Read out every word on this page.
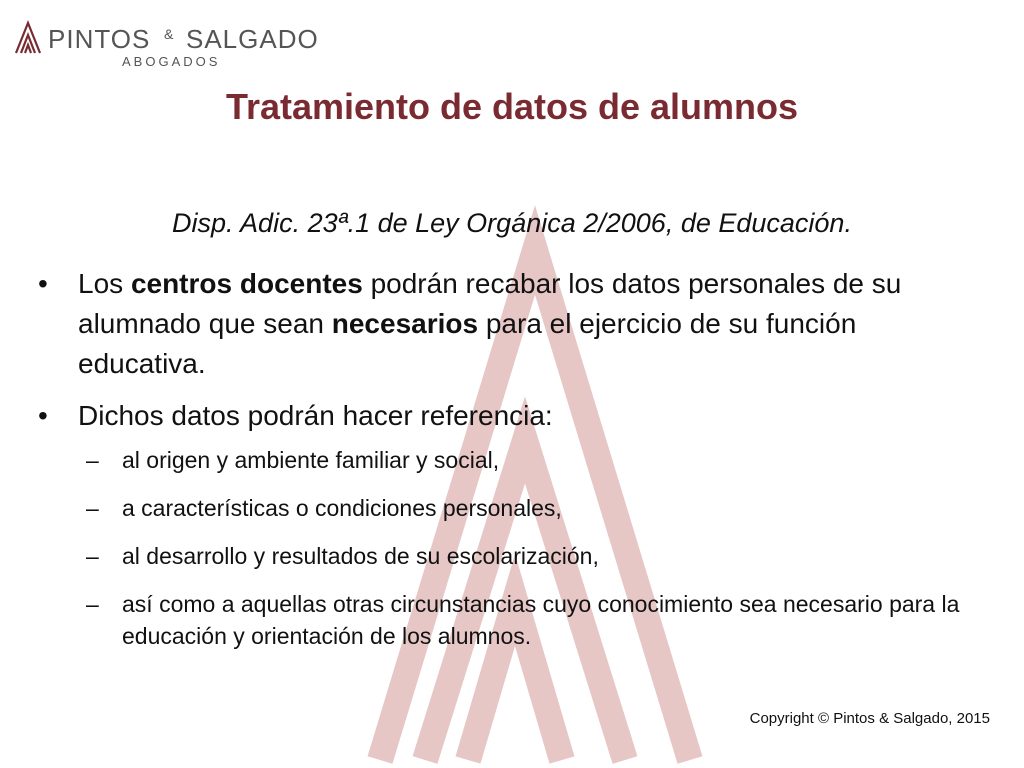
PINTOS & SALGADO
ABOGADOS
Tratamiento de datos de alumnos
Disp. Adic. 23ª.1 de Ley Orgánica 2/2006, de Educación.
• Los centros docentes podrán recabar los datos personales de su alumnado que sean necesarios para el ejercicio de su función educativa.
• Dichos datos podrán hacer referencia:
– al origen y ambiente familiar y social,
– a características o condiciones personales,
– al desarrollo y resultados de su escolarización,
– así como a aquellas otras circunstancias cuyo conocimiento sea necesario para la educación y orientación de los alumnos.
Copyright © Pintos & Salgado, 2015
